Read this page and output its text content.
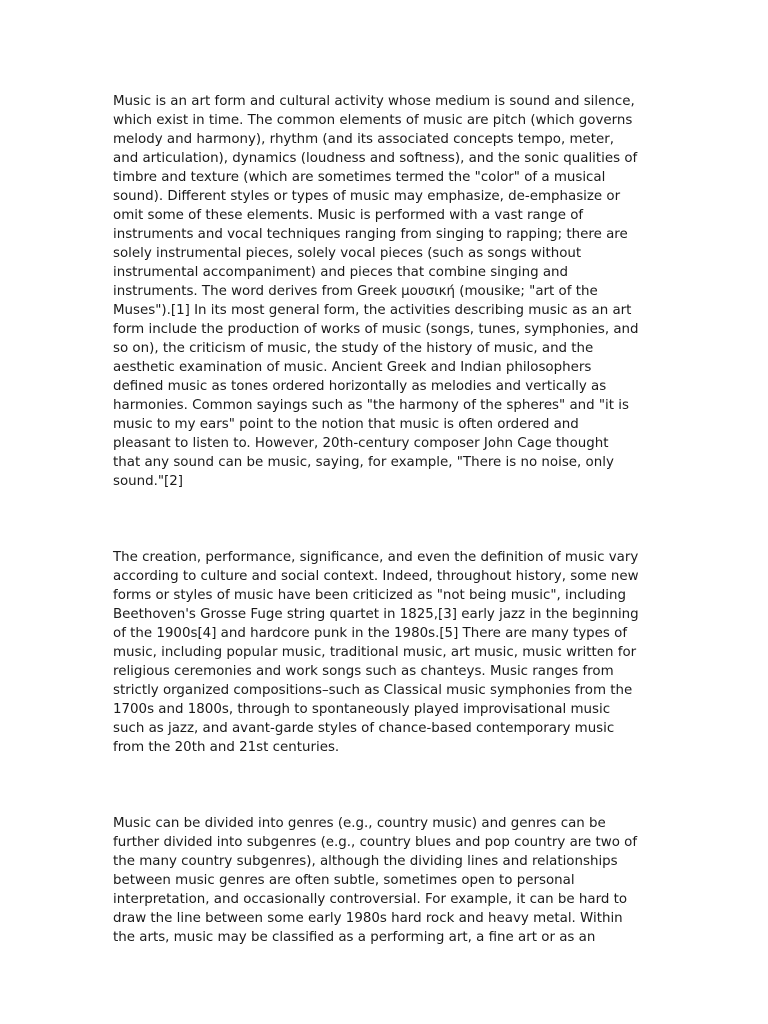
Music is an art form and cultural activity whose medium is sound and silence,
which exist in time. The common elements of music are pitch (which governs
melody and harmony), rhythm (and its associated concepts tempo, meter,
and articulation), dynamics (loudness and softness), and the sonic qualities of
timbre and texture (which are sometimes termed the "color" of a musical
sound). Different styles or types of music may emphasize, de-emphasize or
omit some of these elements. Music is performed with a vast range of
instruments and vocal techniques ranging from singing to rapping; there are
solely instrumental pieces, solely vocal pieces (such as songs without
instrumental accompaniment) and pieces that combine singing and
instruments. The word derives from Greek μουσική (mousike; "art of the
Muses").[1] In its most general form, the activities describing music as an art
form include the production of works of music (songs, tunes, symphonies, and
so on), the criticism of music, the study of the history of music, and the
aesthetic examination of music. Ancient Greek and Indian philosophers
defined music as tones ordered horizontally as melodies and vertically as
harmonies. Common sayings such as "the harmony of the spheres" and "it is
music to my ears" point to the notion that music is often ordered and
pleasant to listen to. However, 20th-century composer John Cage thought
that any sound can be music, saying, for example, "There is no noise, only
sound."[2]

The creation, performance, significance, and even the definition of music vary
according to culture and social context. Indeed, throughout history, some new
forms or styles of music have been criticized as "not being music", including
Beethoven's Grosse Fuge string quartet in 1825,[3] early jazz in the beginning
of the 1900s[4] and hardcore punk in the 1980s.[5] There are many types of
music, including popular music, traditional music, art music, music written for
religious ceremonies and work songs such as chanteys. Music ranges from
strictly organized compositions–such as Classical music symphonies from the
1700s and 1800s, through to spontaneously played improvisational music
such as jazz, and avant-garde styles of chance-based contemporary music
from the 20th and 21st centuries.

Music can be divided into genres (e.g., country music) and genres can be
further divided into subgenres (e.g., country blues and pop country are two of
the many country subgenres), although the dividing lines and relationships
between music genres are often subtle, sometimes open to personal
interpretation, and occasionally controversial. For example, it can be hard to
draw the line between some early 1980s hard rock and heavy metal. Within
the arts, music may be classified as a performing art, a fine art or as an
